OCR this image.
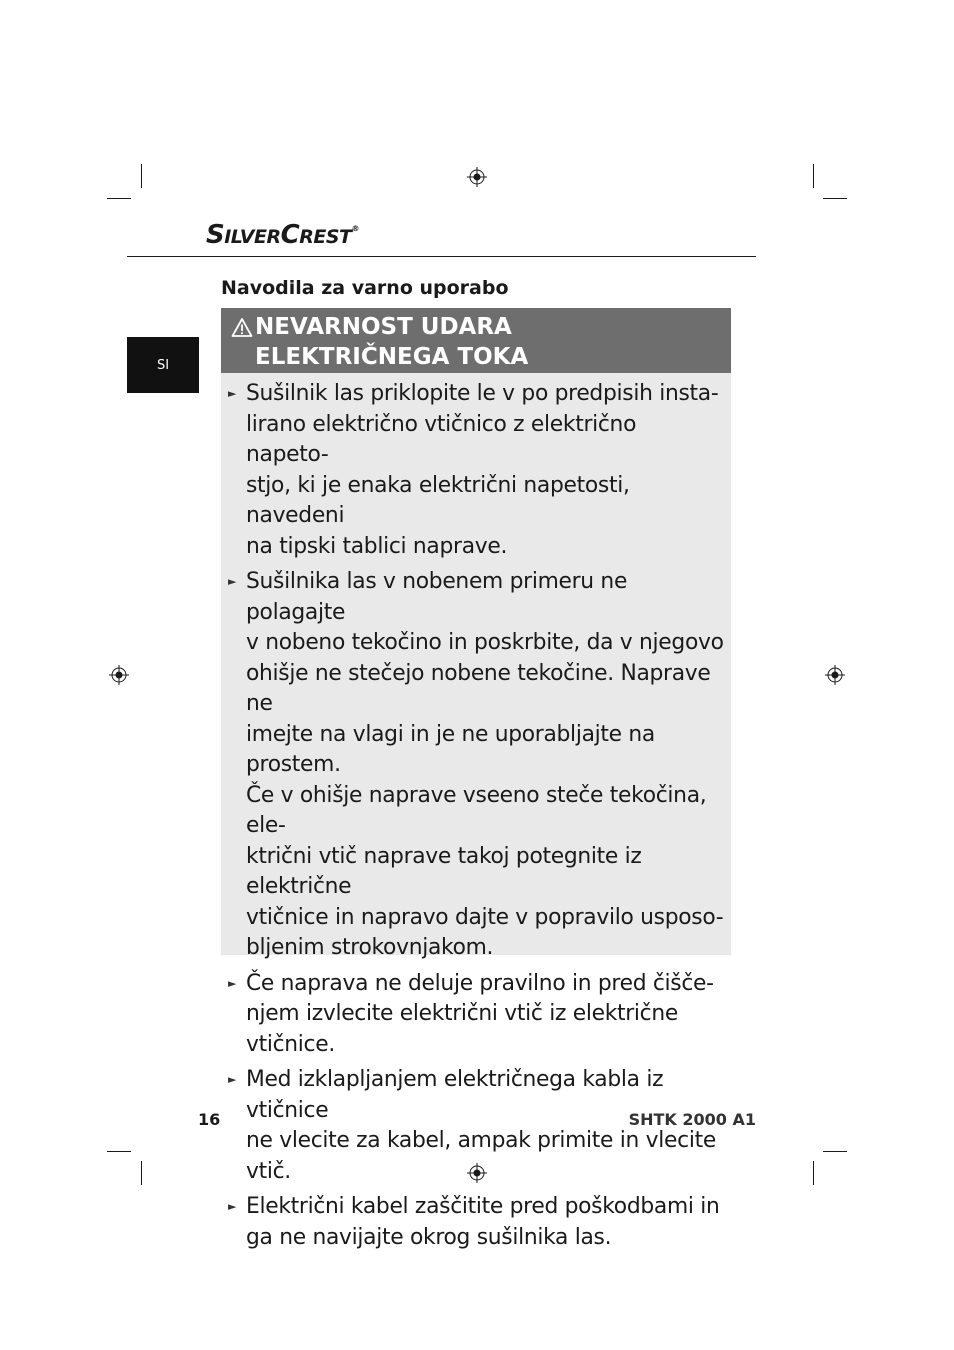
SILVERCREST®
SI
Navodila za varno uporabo
NEVARNOST UDARA
ELEKTRIČNEGA TOKA
► Sušilnik las priklopite le v po predpisih insta-
lirano električno vtičnico z električno napeto-
stjo, ki je enaka električni napetosti, navedeni
na tipski tablici naprave.
► Sušilnika las v nobenem primeru ne polagajte
v nobeno tekočino in poskrbite, da v njegovo
ohišje ne stečejo nobene tekočine. Naprave ne
imejte na vlagi in je ne uporabljajte na prostem.
Če v ohišje naprave vseeno steče tekočina, ele-
ktrični vtič naprave takoj potegnite iz električne
vtičnice in napravo dajte v popravilo usposo-
bljenim strokovnjakom.
► Če naprava ne deluje pravilno in pred čišče-
njem izvlecite električni vtič iz električne vtičnice.
► Med izklapljanjem električnega kabla iz vtičnice
ne vlecite za kabel, ampak primite in vlecite vtič.
► Električni kabel zaščitite pred poškodbami in
ga ne navijajte okrog sušilnika las.
16	SHTK 2000 A1
